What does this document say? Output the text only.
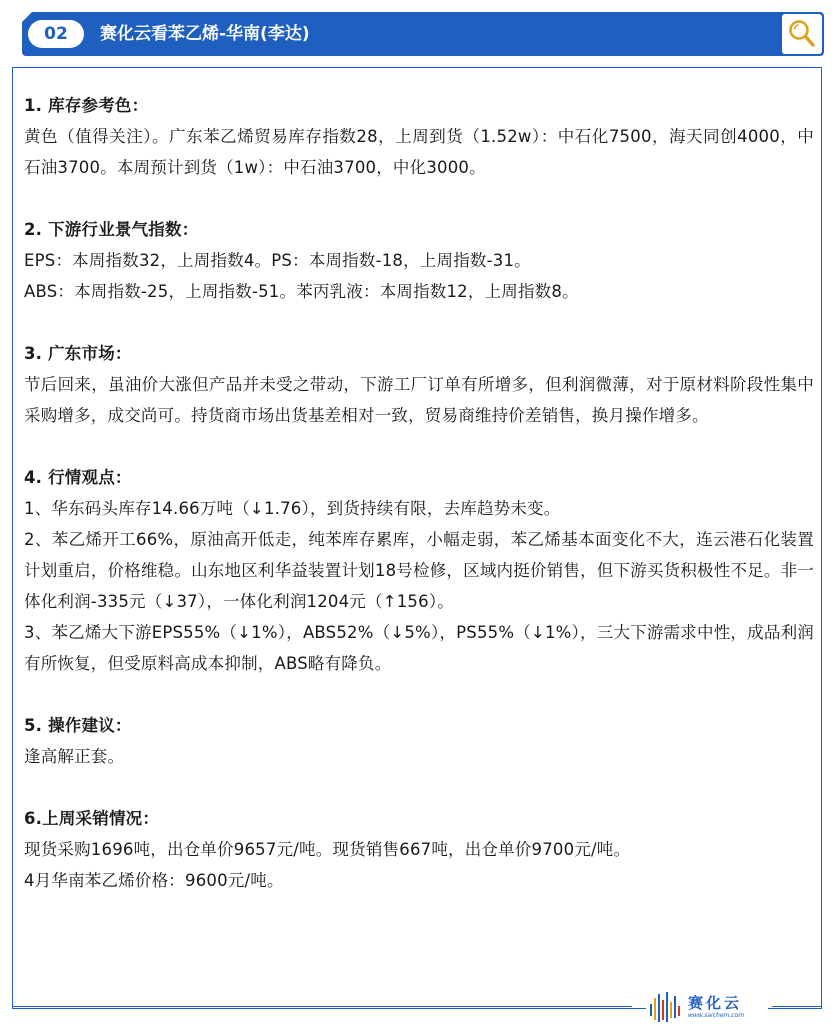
02	赛化云看苯乙烯-华南(李达)
1. 库存参考色：
黄色（值得关注）。广东苯乙烯贸易库存指数28，上周到货（1.52w）：中石化7500，海天同创4000，中石油3700。本周预计到货（1w）：中石油3700，中化3000。
2. 下游行业景气指数：
EPS：本周指数32，上周指数4。PS：本周指数-18，上周指数-31。
ABS：本周指数-25，上周指数-51。苯丙乳液：本周指数12，上周指数8。
3. 广东市场：
节后回来，虽油价大涨但产品并未受之带动，下游工厂订单有所增多，但利润微薄，对于原材料阶段性集中采购增多，成交尚可。持货商市场出货基差相对一致，贸易商维持价差销售，换月操作增多。
4. 行情观点：
1、华东码头库存14.66万吨（↓1.76），到货持续有限，去库趋势未变。
2、苯乙烯开工66%，原油高开低走，纯苯库存累库，小幅走弱，苯乙烯基本面变化不大，连云港石化装置计划重启，价格维稳。山东地区利华益装置计划18号检修，区域内挺价销售，但下游买货积极性不足。非一体化利润-335元（↓37），一体化利润1204元（↑156）。
3、苯乙烯大下游EPS55%（↓1%），ABS52%（↓5%），PS55%（↓1%），三大下游需求中性，成品利润有所恢复，但受原料高成本抑制，ABS略有降负。
5. 操作建议：
逢高解正套。
6.上周采销情况：
现货采购1696吨，出仓单价9657元/吨。现货销售667吨，出仓单价9700元/吨。
4月华南苯乙烯价格：9600元/吨。
赛化云
www.saichem.com
